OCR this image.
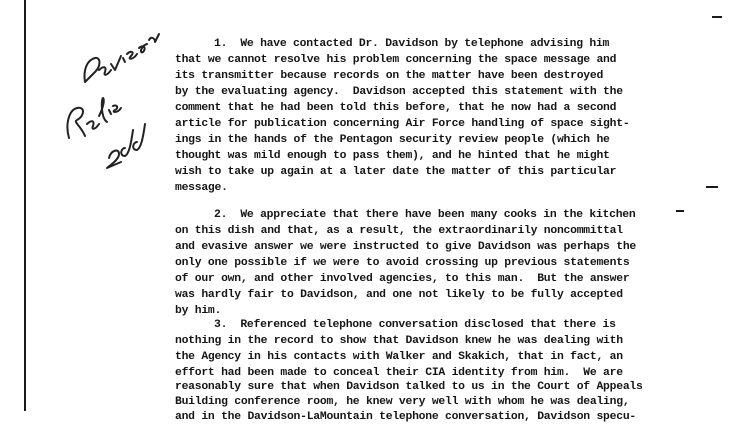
1.  We have contacted Dr. Davidson by telephone advising him
that we cannot resolve his problem concerning the space message and
its transmitter because records on the matter have been destroyed
by the evaluating agency.  Davidson accepted this statement with the
comment that he had been told this before, that he now had a second
article for publication concerning Air Force handling of space sight-
ings in the hands of the Pentagon security review people (which he
thought was mild enough to pass them), and he hinted that he might
wish to take up again at a later date the matter of this particular
message.
2.  We appreciate that there have been many cooks in the kitchen
on this dish and that, as a result, the extraordinarily noncommittal
and evasive answer we were instructed to give Davidson was perhaps the
only one possible if we were to avoid crossing up previous statements
of our own, and other involved agencies, to this man.  But the answer
was hardly fair to Davidson, and one not likely to be fully accepted
by him.
3.  Referenced telephone conversation disclosed that there is
nothing in the record to show that Davidson knew he was dealing with
the Agency in his contacts with Walker and Skakich, that in fact, an
effort had been made to conceal their CIA identity from him.  We are
reasonably sure that when Davidson talked to us in the Court of Appeals
Building conference room, he knew very well with whom he was dealing,
and in the Davidson-LaMountain telephone conversation, Davidson specu-
